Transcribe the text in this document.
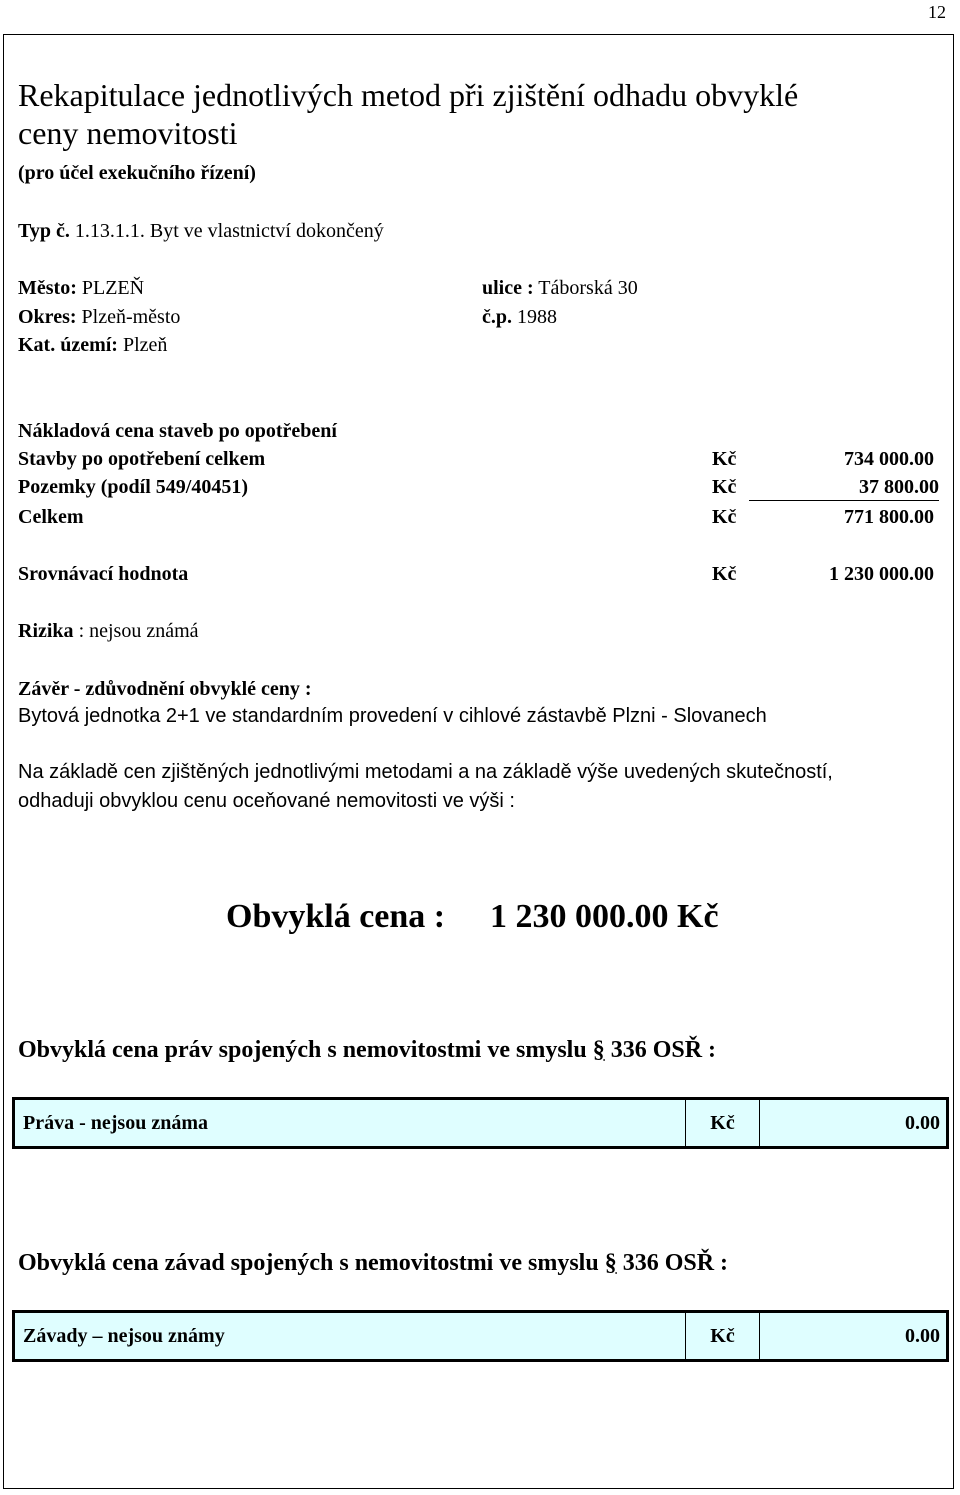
12
Rekapitulace jednotlivých metod při zjištění odhadu obvyklé
ceny nemovitosti
(pro účel exekučního řízení)
Typ č. 1.13.1.1. Byt ve vlastnictví dokončený
Město: PLZEŇ	ulice : Táborská 30
Okres: Plzeň-město	č.p. 1988
Kat. území: Plzeň
Nákladová cena staveb po opotřebení
Stavby po opotřebení celkem	Kč	734 000.00
Pozemky (podíl 549/40451)	Kč	37 800.00
Celkem	Kč	771 800.00
Srovnávací hodnota	Kč	1 230 000.00
Rizika : nejsou známá
Závěr - zdůvodnění obvyklé ceny :
Bytová jednotka 2+1 ve standardním provedení v cihlové zástavbě Plzni - Slovanech
Na základě cen zjištěných jednotlivými metodami a na základě výše uvedených skutečností,
odhaduji obvyklou cenu oceňované nemovitosti ve výši :
Obvyklá cena : 1 230 000.00 Kč
Obvyklá cena práv spojených s nemovitostmi ve smyslu § 336 OSŘ :
Práva - nejsou známa	Kč	0.00
Obvyklá cena závad spojených s nemovitostmi ve smyslu § 336 OSŘ :
Závady – nejsou známy	Kč	0.00
